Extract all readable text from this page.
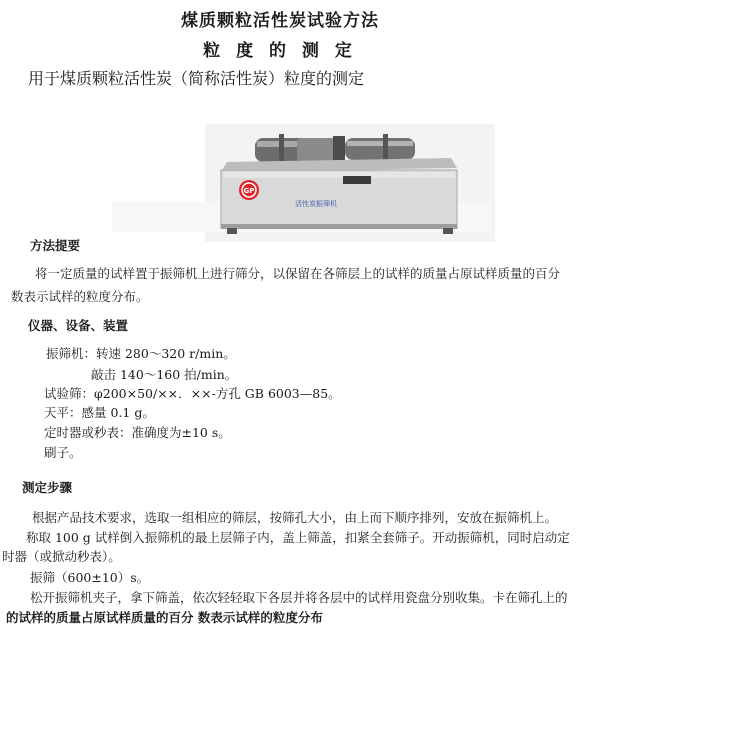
煤质颗粒活性炭试验方法
粒 度 的 测 定
用于煤质颗粒活性炭（简称活性炭）粒度的测定
GP
活性炭振筛机
方法提要
将一定质量的试样置于振筛机上进行筛分，以保留在各筛层上的试样的质量占原试样质量的百分
数表示试样的粒度分布。
仪器、设备、装置
振筛机：转速 280～320 r/min。
敲击 140～160 拍/min。
试验筛：φ200×50/××．××-方孔 GB 6003—85。
天平：感量 0.1 g。
定时器或秒表：准确度为±10 s。
刷子。
测定步骤
根据产品技术要求，选取一组相应的筛层，按筛孔大小，由上而下顺序排列，安放在振筛机上。
称取 100 g 试样倒入振筛机的最上层筛子内，盖上筛盖，扣紧全套筛子。开动振筛机，同时启动定
时器（或掀动秒表）。
振筛（600±10）s。
松开振筛机夹子，拿下筛盖，依次轻轻取下各层并将各层中的试样用瓷盘分别收集。卡在筛孔上的
的试样的质量占原试样质量的百分 数表示试样的粒度分布
